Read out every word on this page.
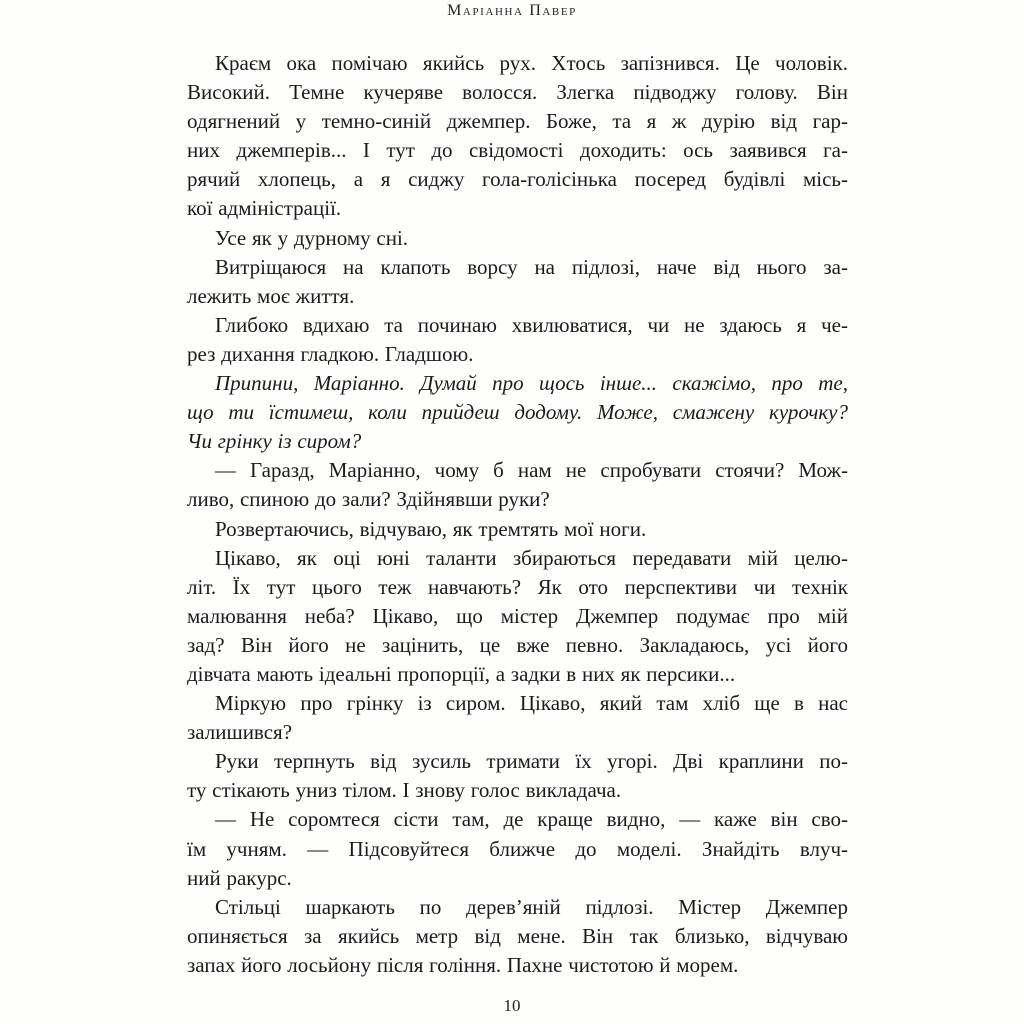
Маріанна Павер
Краєм ока помічаю якийсь рух. Хтось запізнився. Це чоловік.
Високий. Темне кучеряве волосся. Злегка підводжу голову. Він
одягнений у темно-синій джемпер. Боже, та я ж дурію від гар-
них джемперів... І тут до свідомості доходить: ось заявився га-
рячий хлопець, а я сиджу гола-голісінька посеред будівлі місь-
кої адміністрації.
Усе як у дурному сні.
Витріщаюся на клапоть ворсу на підлозі, наче від нього за-
лежить моє життя.
Глибоко вдихаю та починаю хвилюватися, чи не здаюсь я че-
рез дихання гладкою. Гладшою.
Припини, Маріанно. Думай про щось інше... скажімо, про те,
що ти їстимеш, коли прийдеш додому. Може, смажену курочку?
Чи грінку із сиром?
— Гаразд, Маріанно, чому б нам не спробувати стоячи? Мож-
ливо, спиною до зали? Здійнявши руки?
Розвертаючись, відчуваю, як тремтять мої ноги.
Цікаво, як оці юні таланти збираються передавати мій целю-
літ. Їх тут цього теж навчають? Як ото перспективи чи технік
малювання неба? Цікаво, що містер Джемпер подумає про мій
зад? Він його не зацінить, це вже певно. Закладаюсь, усі його
дівчата мають ідеальні пропорції, а задки в них як персики...
Міркую про грінку із сиром. Цікаво, який там хліб ще в нас
залишився?
Руки терпнуть від зусиль тримати їх угорі. Дві краплини по-
ту стікають униз тілом. І знову голос викладача.
— Не соромтеся сісти там, де краще видно, — каже він сво-
їм учням. — Підсовуйтеся ближче до моделі. Знайдіть влуч-
ний ракурс.
Стільці шаркають по дерев’яній підлозі. Містер Джемпер
опиняється за якийсь метр від мене. Він так близько, відчуваю
запах його лосьйону після гоління. Пахне чистотою й морем.
10
